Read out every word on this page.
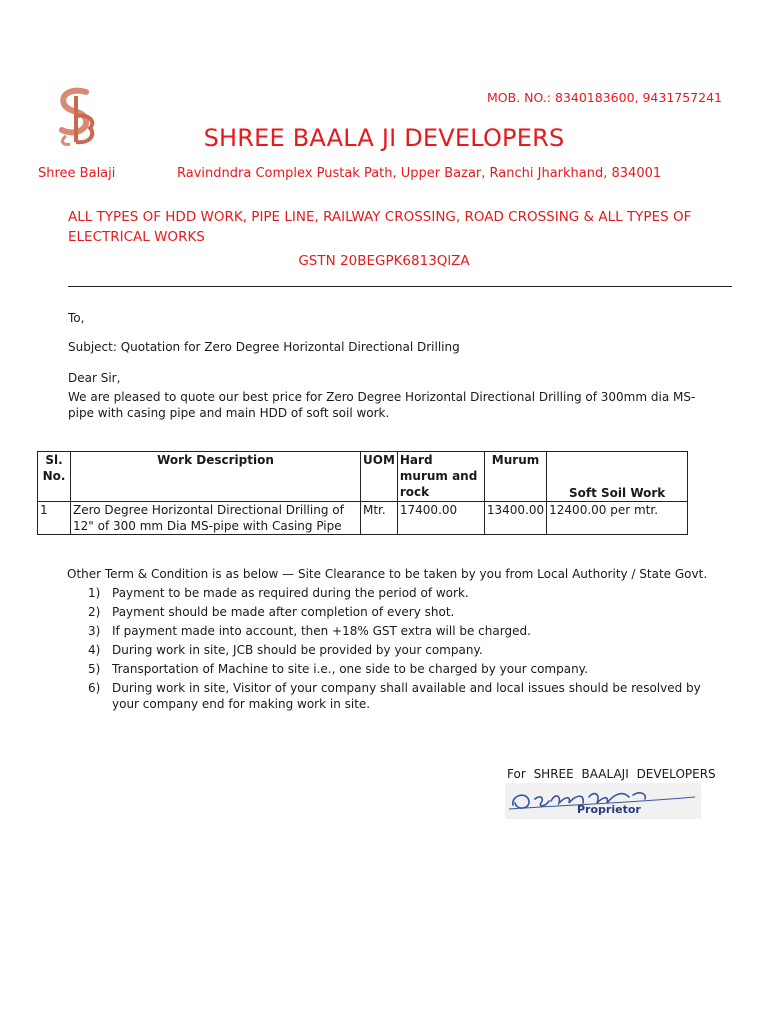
MOB. NO.: 8340183600, 9431757241
SHREE BAALA JI DEVELOPERS
Shree Balaji	Ravindndra Complex Pustak Path, Upper Bazar, Ranchi Jharkhand, 834001
ALL TYPES OF HDD WORK, PIPE LINE, RAILWAY CROSSING, ROAD CROSSING & ALL TYPES OF ELECTRICAL WORKS
GSTN 20BEGPK6813QlZA
To,
Subject: Quotation for Zero Degree Horizontal Directional Drilling
Dear Sir,
We are pleased to quote our best price for Zero Degree Horizontal Directional Drilling of 300mm dia MS-pipe with casing pipe and main HDD of soft soil work.
Sl. No.	Work Description	UOM	Hard murum and rock	Murum	Soft Soil Work
1	Zero Degree Horizontal Directional Drilling of 12" of 300 mm Dia MS-pipe with Casing Pipe	Mtr.	17400.00	13400.00	12400.00 per mtr.
Other Term & Condition is as below — Site Clearance to be taken by you from Local Authority / State Govt.
1) Payment to be made as required during the period of work.
2) Payment should be made after completion of every shot.
3) If payment made into account, then +18% GST extra will be charged.
4) During work in site, JCB should be provided by your company.
5) Transportation of Machine to site i.e., one side to be charged by your company.
6) During work in site, Visitor of your company shall available and local issues should be resolved by your company end for making work in site.
For SHREE BAALAJI DEVELOPERS
Proprietor
